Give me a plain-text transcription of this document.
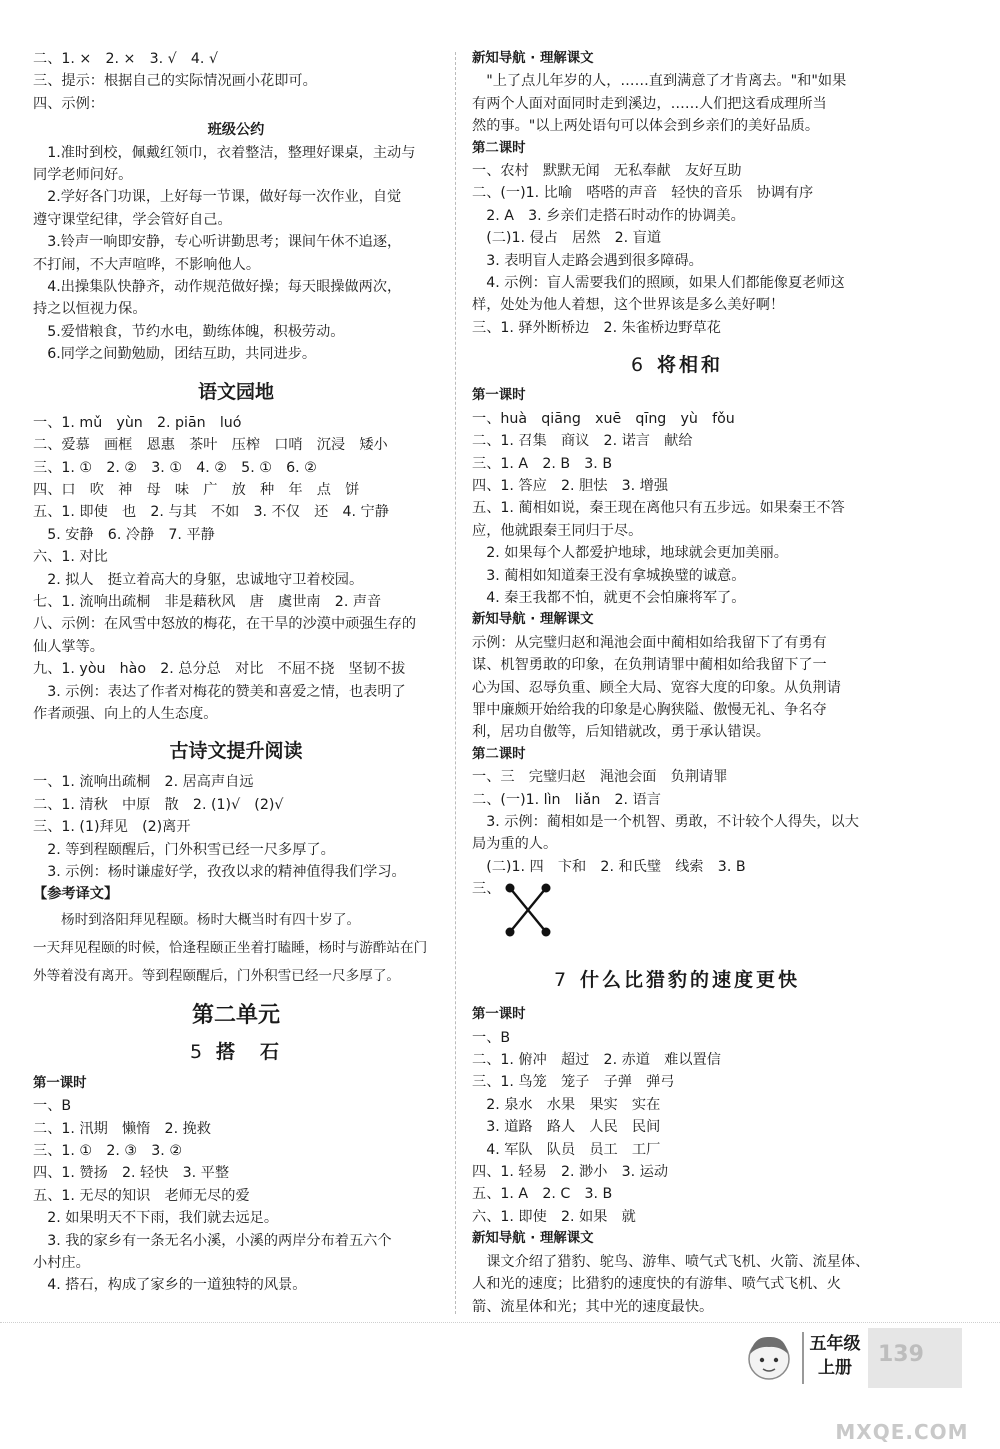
二、1. ×　2. ×　3. √　4. √
三、提示：根据自己的实际情况画小花即可。
四、示例：
班级公约
　1.准时到校，佩戴红领巾，衣着整洁，整理好课桌，主动与
同学老师问好。
　2.学好各门功课，上好每一节课，做好每一次作业，自觉
遵守课堂纪律，学会管好自己。
　3.铃声一响即安静，专心听讲勤思考；课间午休不追逐，
不打闹，不大声喧哗，不影响他人。
　4.出操集队快静齐，动作规范做好操；每天眼操做两次，
持之以恒视力保。
　5.爱惜粮食，节约水电，勤练体魄，积极劳动。
　6.同学之间勤勉励，团结互助，共同进步。
语文园地
一、1. mǔ　yùn　2. piān　luó
二、爱慕　画框　恩惠　茶叶　压榨　口哨　沉浸　矮小
三、1. ①　2. ②　3. ①　4. ②　5. ①　6. ②
四、口　吹　神　母　味　广　放　种　年　点　饼
五、1. 即使　也　2. 与其　不如　3. 不仅　还　4. 宁静
　5. 安静　6. 冷静　7. 平静
六、1. 对比
　2. 拟人　挺立着高大的身躯，忠诚地守卫着校园。
七、1. 流响出疏桐　非是藉秋风　唐　虞世南　2. 声音
八、示例：在风雪中怒放的梅花，在干旱的沙漠中顽强生存的
仙人掌等。
九、1. yòu　hào　2. 总分总　对比　不屈不挠　坚韧不拔
　3. 示例：表达了作者对梅花的赞美和喜爱之情，也表明了
作者顽强、向上的人生态度。
古诗文提升阅读
一、1. 流响出疏桐　2. 居高声自远
二、1. 清秋　中原　散　2. (1)√　(2)√
三、1. (1)拜见　(2)离开
　2. 等到程颐醒后，门外积雪已经一尺多厚了。
　3. 示例：杨时谦虚好学，孜孜以求的精神值得我们学习。
【参考译文】
杨时到洛阳拜见程颐。杨时大概当时有四十岁了。
一天拜见程颐的时候，恰逢程颐正坐着打瞌睡，杨时与游酢站在门外等着没有离开。等到程颐醒后，门外积雪已经一尺多厚了。
第二单元
5 搭　石
第一课时
一、B
二、1. 汛期　懒惰　2. 挽救
三、1. ①　2. ③　3. ②
四、1. 赞扬　2. 轻快　3. 平整
五、1. 无尽的知识　老师无尽的爱
　2. 如果明天不下雨，我们就去远足。
　3. 我的家乡有一条无名小溪，小溪的两岸分布着五六个
小村庄。
　4. 搭石，构成了家乡的一道独特的风景。
新知导航 · 理解课文
　"上了点儿年岁的人，……直到满意了才肯离去。"和"如果
有两个人面对面同时走到溪边，……人们把这看成理所当
然的事。"以上两处语句可以体会到乡亲们的美好品质。
第二课时
一、农村　默默无闻　无私奉献　友好互助
二、(一)1. 比喻　嗒嗒的声音　轻快的音乐　协调有序
　2. A　3. 乡亲们走搭石时动作的协调美。
　(二)1. 侵占　居然　2. 盲道
　3. 表明盲人走路会遇到很多障碍。
　4. 示例：盲人需要我们的照顾，如果人们都能像夏老师这
样，处处为他人着想，这个世界该是多么美好啊！
三、1. 驿外断桥边　2. 朱雀桥边野草花
6 将相和
第一课时
一、huà　qiāng　xuē　qīng　yù　fǒu
二、1. 召集　商议　2. 诺言　献给
三、1. A　2. B　3. B
四、1. 答应　2. 胆怯　3. 增强
五、1. 蔺相如说，秦王现在离他只有五步远。如果秦王不答
应，他就跟秦王同归于尽。
　2. 如果每个人都爱护地球，地球就会更加美丽。
　3. 蔺相如知道秦王没有拿城换璧的诚意。
　4. 秦王我都不怕，就更不会怕廉将军了。
新知导航 · 理解课文
示例：从完璧归赵和渑池会面中蔺相如给我留下了有勇有
谋、机智勇敢的印象，在负荆请罪中蔺相如给我留下了一
心为国、忍辱负重、顾全大局、宽容大度的印象。从负荆请
罪中廉颇开始给我的印象是心胸狭隘、傲慢无礼、争名夺
利，居功自傲等，后知错就改，勇于承认错误。
第二课时
一、三　完璧归赵　渑池会面　负荆请罪
二、(一)1. lìn　liǎn　2. 语言
　3. 示例：蔺相如是一个机智、勇敢，不计较个人得失，以大
局为重的人。
　(二)1. 四　卞和　2. 和氏璧　线索　3. B
三、
7 什么比猎豹的速度更快
第一课时
一、B
二、1. 俯冲　超过　2. 赤道　难以置信
三、1. 鸟笼　笼子　子弹　弹弓
　2. 泉水　水果　果实　实在
　3. 道路　路人　人民　民间
　4. 军队　队员　员工　工厂
四、1. 轻易　2. 渺小　3. 运动
五、1. A　2. C　3. B
六、1. 即使　2. 如果　就
新知导航 · 理解课文
　课文介绍了猎豹、鸵鸟、游隼、喷气式飞机、火箭、流星体、
人和光的速度；比猎豹的速度快的有游隼、喷气式飞机、火
箭、流星体和光；其中光的速度最快。
五年级
上册
139
MXQE.COM
